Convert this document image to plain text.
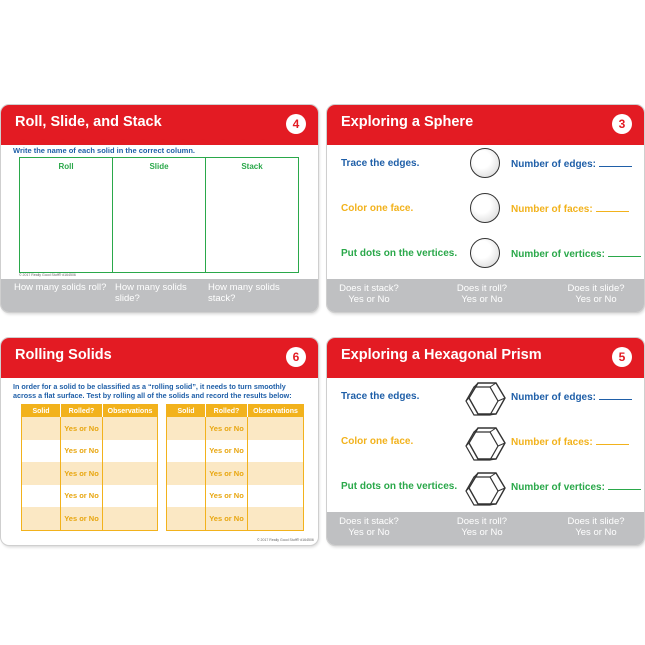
Roll, Slide, and Stack	4
Write the name of each solid in the correct column.
Roll	Slide	Stack
© 2017 Really Good Stuff® #164506
How many solids roll? How many solids slide?
How many solids stack?
Exploring a Sphere	3
Trace the edges.
Color one face.
Put dots on the vertices.
Number of edges:
Number of faces:
Number of vertices:
Does it stack?
Yes or No
Does it roll?
Yes or No
Does it slide?
Yes or No
Rolling Solids	6
In order for a solid to be classified as a “rolling solid”, it needs to turn smoothly across a flat surface. Test by rolling all of the solids and record the results below:
Solid	Rolled?	Observations
	Yes or No	
	Yes or No	
	Yes or No	
	Yes or No	
	Yes or No	
Solid	Rolled?	Observations
	Yes or No	
	Yes or No	
	Yes or No	
	Yes or No	
	Yes or No	
© 2017 Really Good Stuff® #164506
Exploring a Hexagonal Prism	5
Trace the edges.
Color one face.
Put dots on the vertices.
Number of edges:
Number of faces:
Number of vertices:
Does it stack?
Yes or No
Does it roll?
Yes or No
Does it slide?
Yes or No
